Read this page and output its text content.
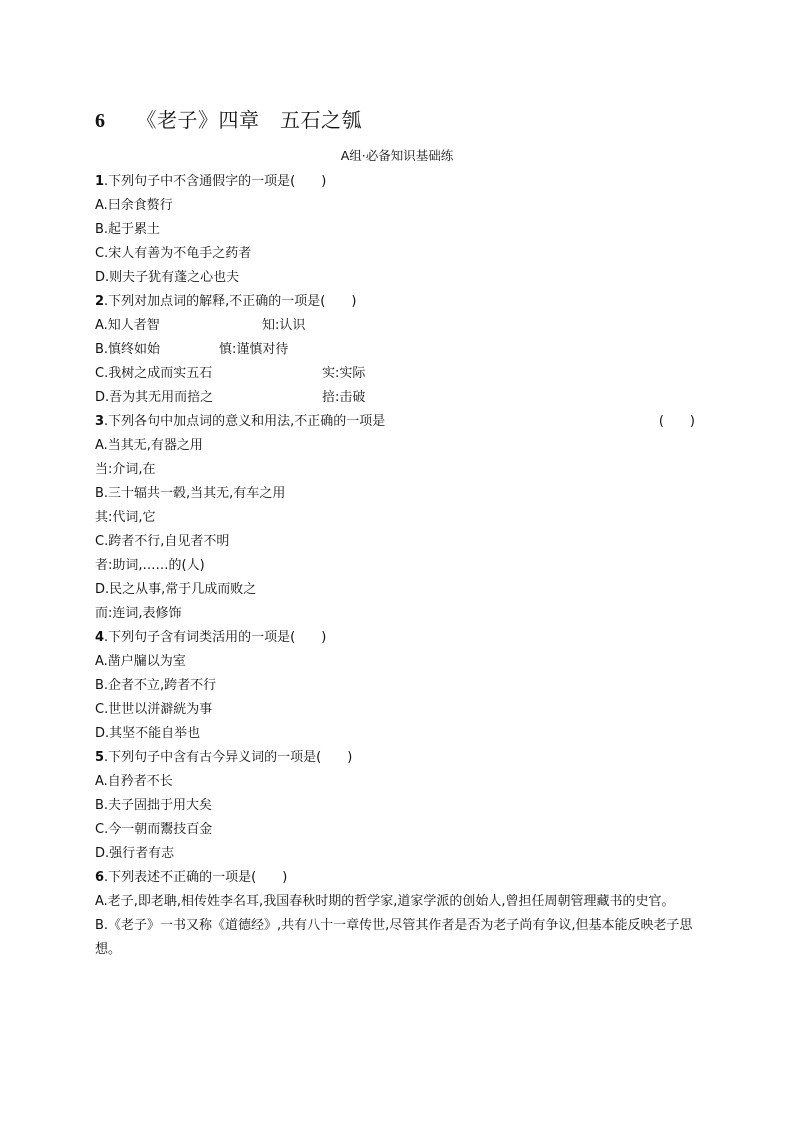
6　　 《老子》四章　五石之瓠
A组·必备知识基础练
1.下列句子中不含通假字的一项是(　　)
A.曰余食赘行
B.起于累土
C.宋人有善为不龟手之药者
D.则夫子犹有蓬之心也夫
2.下列对加点词的解释,不正确的一项是(　　)
A.知人者智	知:认识
B.慎终如始	慎:谨慎对待
C.我树之成而实五石	实:实际
D.吾为其无用而掊之	掊:击破
3.下列各句中加点词的意义和用法,不正确的一项是	(　　)
A.当其无,有器之用
当:介词,在
B.三十辐共一毂,当其无,有车之用
其:代词,它
C.跨者不行,自见者不明
者:助词,……的(人)
D.民之从事,常于几成而败之
而:连词,表修饰
4.下列句子含有词类活用的一项是(　　)
A.凿户牖以为室
B.企者不立,跨者不行
C.世世以洴澼絖为事
D.其坚不能自举也
5.下列句子中含有古今异义词的一项是(　　)
A.自矜者不长
B.夫子固拙于用大矣
C.今一朝而鬻技百金
D.强行者有志
6.下列表述不正确的一项是(　　)
A.老子,即老聃,相传姓李名耳,我国春秋时期的哲学家,道家学派的创始人,曾担任周朝管理藏书的史官。
B.《老子》一书又称《道德经》,共有八十一章传世,尽管其作者是否为老子尚有争议,但基本能反映老子思想。
